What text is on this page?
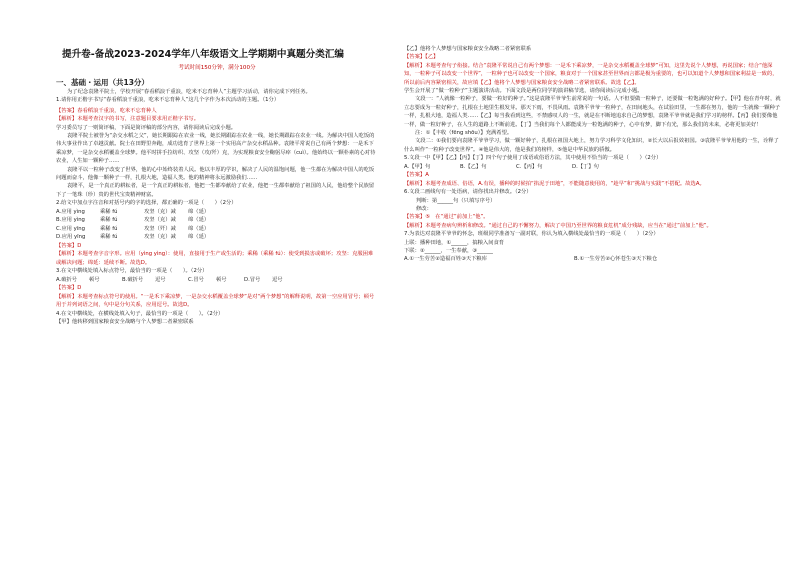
提升卷-备战2023-2024学年八年级语文上学期期中真题分类汇编
考试时间150分钟，满分100分
一、基础・运用（共13分）

为了纪念袁隆平院士，学校开展“春看稻浪千重浪，吃米不忘育种人”主题学习活动，请你完成下列任务。

1.请你用正楷字书写“春看稻浪千重浪，吃米不忘育种人”这几个字作为本次活动的主题。（1分）

【答案】春看稻浪千重浪，吃米不忘育种人

【解析】本题考查汉字的书写，注意题目要求用正楷字书写。

学习委员写了一则简评稿，下面是简评稿的部分内容，请你阅读后完成小题。

袁隆平院士被誉为“杂交水稻之父”，她长期跟踪在农业一线，她长期跟踪在农业一线，她长期跟踪在农业一线。为解决中国人吃饭的伟大事业作出了卓越贡献。院士在田野里奔跑，成功选育了世界上第一个实用高产杂交水稻品种。袁隆平常说自己有两个梦想：一是禾下乘凉梦，一是杂交水稻覆盖全球梦。他平时拼手拉纺织、攻坚（攻/歼）克，为实现粮食安全鞠躬尽瘁（cuì）。他始终以一颗朴素的心对待农业，人生如一颗种子……

袁隆平以一粒种子改变了世界，他的心中始终装着人民。他以丰厚的学识，解决了人民的温饱问题，他一生都在为解决中国人的吃饭问题而奋斗，他像一颗种子一样，扎根大地，造福人类。他的精神将永远激励我们……

袁隆平，是一个真正的耕耘者，是一个真正的耕耘者，他把一生都奉献给了农业，他把一生都奉献给了祖国的人民，他给整个民族留下了一笔珠（珍）贵的世代宝贵精神财富。

2.给文中加点字注音和对括号内的字的选择，都正确的一项是（　　）（2分）

A.应用 yìng	乘稀 fú	攻坚（克）减	绵（延）
B.应用 yìng	乘稀 fú	攻坚（克）减	绵（延）
C.应用 yīng	乘稀 fú	攻坚（歼）减	绵（延）
D.应用 yīng	乘稀 fú	攻坚（克）减	绵（延）

【答案】D

【解析】本题考查字音字形。应用（yìng yìng）：使用，直接用于生产或生活的；乘稀（乘稀 fú）：使受到损害或破坏；攻坚：克服困难或解决问题；绵延：延续不断。故选D。

3.在文中横线处填入标点符号，最恰当的一项是（　　）。（2分）

A.破折号	顿号	B.破折号	逗号	C.冒号	顿号	D.冒号	逗号

【答案】D

【解析】本题考查标点符号的使用。“一是禾下乘凉梦，一是杂交水稻覆盖全球梦”是对“两个梦想”的解释说明，故第一空应用冒号；顿号用于并列词语之间，句中是分句关系，应用逗号。故选D。

4.在文中横线处，在横线处填入句子，最恰当的一项是（　　）。（2分）

【甲】他转移到国家粮食安全战略与个人梦想二者紧密联系

【乙】他将个人梦想与国家粮食安全战略二者紧密联系

【答案】【乙】

【解析】本题考查句子衔接。结合“袁隆平常说自己有两个梦想：一是禾下乘凉梦，一是杂交水稻覆盖全球梦”可知，这里先说个人梦想，再说国家；结合“他深知，一粒种子可以改变一个世界”，一粒种子也可以改变一个国家，粮食对于一个国家甚至世界而言都是极为重要的，也可以知道个人梦想和国家利益是一致的，所以前后内容紧密相关，故应填【乙】他将个人梦想与国家粮食安全战略二者紧密联系。故选【乙】。

学生会开展了“做一粒种子”主题演讲活动。下面文段是两位同学的演讲稿节选，请你阅读后完成小题。

文段一：“人就像一粒种子，要做一粒好的种子。”这是袁隆平爷爷生前常说的一句话。人不但要做一粒种子，还要做一粒饱满的好种子。【甲】他在青年时，就立志要成为一粒好种子，扎根在土地里生根发芽。那天下雨，不畏风雨。袁隆平爷爷一粒种子，在田间地头，在试验田里，一生都在努力，他的一生就像一颗种子一样，扎根大地，造福人类……【乙】每当我看到这些，不禁感叹人的一生，就是在不断地追求自己的梦想，袁隆平爷爷就是我们学习的榜样。【丙】我们要像他一样，做一粒好种子，在人生的道路上不断前进。【丁】当我们每个人都能成为一粒饱满的种子，心中有梦，脚下有光，那么我们的未来，必将更加美好！

注：①【丰收（fēng shōu）】充满希望。

文段二：①我们要向袁隆平爷爷学习，做一颗好种子，扎根在祖国大地上，努力学习科学文化知识，②长大以后报效祖国。③袁隆平爷爷用他的一生，诠释了什么叫作“一粒种子改变世界”。④他是伟大的，他是我们的榜样，⑤他是中华民族的骄傲。

5.文段一中【甲】【乙】【丙】【丁】四个句子使用了成语或俗语方法，其中使用不恰当的一项是（　　）（2分）

A.【甲】句	B.【乙】句	C.【丙】句	D.【丁】句

【答案】A

【解析】本题考查成语、俗语，A.有误，播种的时候拍“掐泥于田地”，不能随意使用的，“趁早”和“挑战与实践”不搭配。故选A。

6.文段二画线句有一处语病，请你找出并修改。（2分）

判断：第______句（只填写序号）

修改：

【答案】⑤　在“通过”前加上“他”。

【解析】本题考查病句辨析和修改。“通过自己的不懈努力，解决了中国乃至世界的粮食危机”成分残缺，应当在“通过”前加上“他”。

7.为表达对袁隆平爷爷的怀念，班级同学准备写一副对联，你认为填入横线处最恰当的一项是（　　）（2分）

上联：播种田地，①______，搞粮入间食育

下联：②______，一生奉献，③______

A.①一生劳苦②造福百姓③天下粮库	B.①一生劳苦②心怀苍生③天下粮仓
